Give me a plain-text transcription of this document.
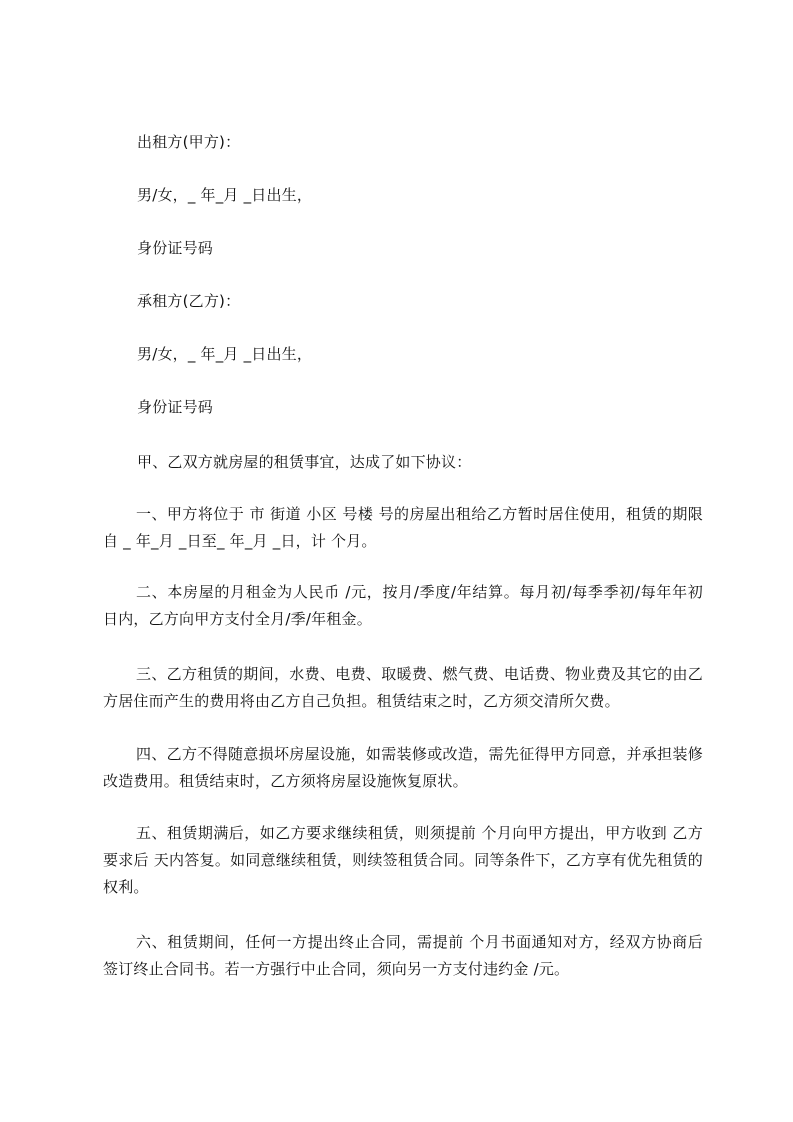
出租方(甲方)：
男/女，_ 年_月 _日出生，
身份证号码
承租方(乙方)：
男/女，_ 年_月 _日出生，
身份证号码
甲、乙双方就房屋的租赁事宜，达成了如下协议：
一、甲方将位于 市 街道 小区 号楼 号的房屋出租给乙方暂时居住使用，租赁的期限自 _ 年_月 _日至_ 年_月 _日，计 个月。
二、本房屋的月租金为人民币 /元，按月/季度/年结算。每月初/每季季初/每年年初 日内，乙方向甲方支付全月/季/年租金。
三、乙方租赁的期间，水费、电费、取暖费、燃气费、电话费、物业费及其它的由乙方居住而产生的费用将由乙方自己负担。租赁结束之时，乙方须交清所欠费。
四、乙方不得随意损坏房屋设施，如需装修或改造，需先征得甲方同意，并承担装修改造费用。租赁结束时，乙方须将房屋设施恢复原状。
五、租赁期满后，如乙方要求继续租赁，则须提前 个月向甲方提出，甲方收到 乙方要求后 天内答复。如同意继续租赁，则续签租赁合同。同等条件下，乙方享有优先租赁的权利。
六、租赁期间，任何一方提出终止合同，需提前 个月书面通知对方，经双方协商后签订终止合同书。若一方强行中止合同，须向另一方支付违约金 /元。
